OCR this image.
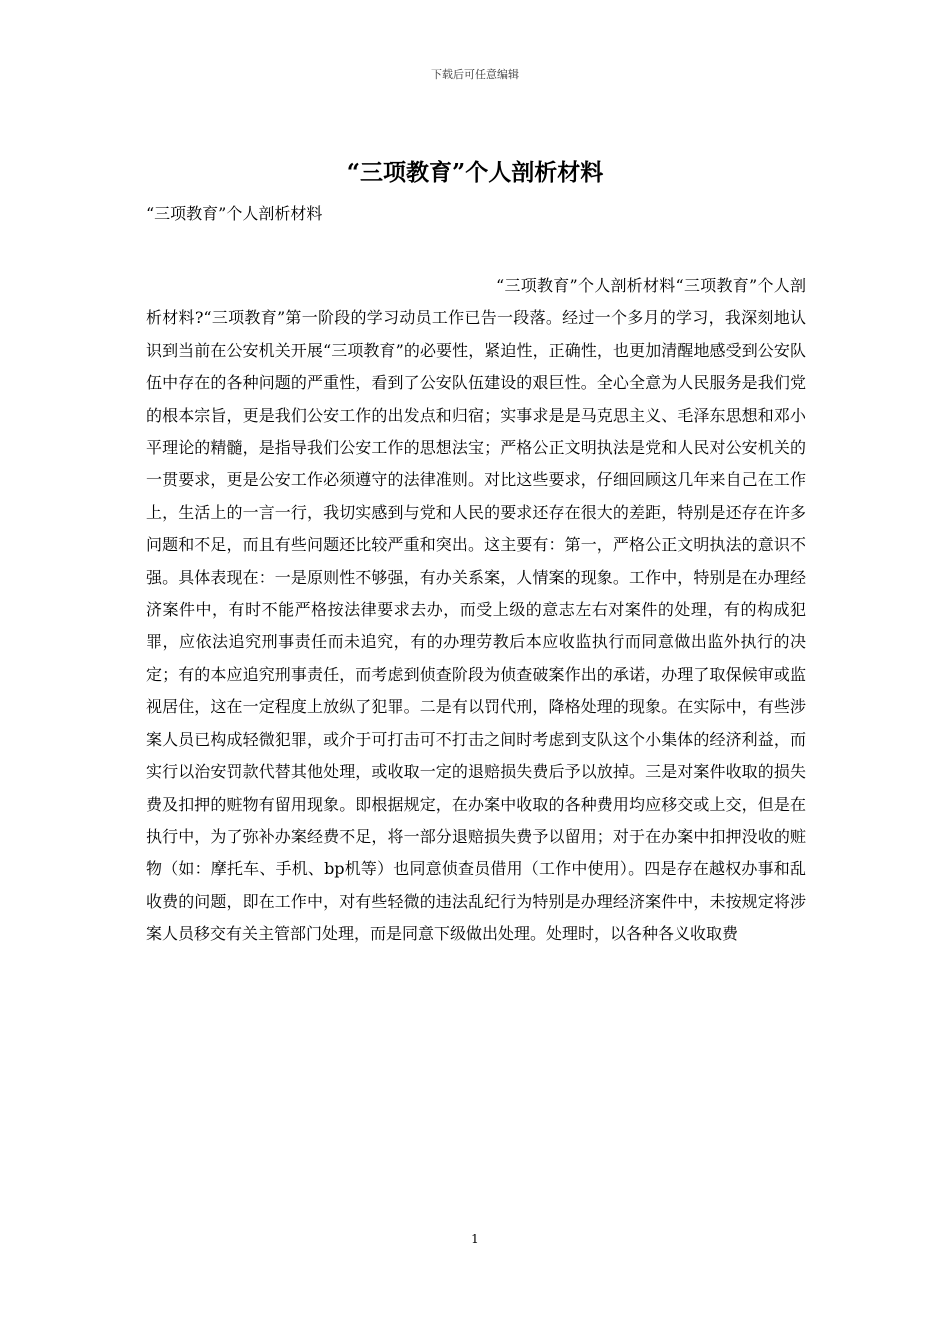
下载后可任意编辑
“三项教育”个人剖析材料

“三项教育”个人剖析材料

“三项教育”个人剖析材料“三项教育”个人剖析材料?“三项教育”第一阶段的学习动员工作已告一段落。经过一个多月的学习，我深刻地认识到当前在公安机关开展“三项教育”的必要性，紧迫性，正确性，也更加清醒地感受到公安队伍中存在的各种问题的严重性，看到了公安队伍建设的艰巨性。全心全意为人民服务是我们党的根本宗旨，更是我们公安工作的出发点和归宿；实事求是是马克思主义、毛泽东思想和邓小平理论的精髓，是指导我们公安工作的思想法宝；严格公正文明执法是党和人民对公安机关的一贯要求，更是公安工作必须遵守的法律准则。对比这些要求，仔细回顾这几年来自己在工作上，生活上的一言一行，我切实感到与党和人民的要求还存在很大的差距，特别是还存在许多问题和不足，而且有些问题还比较严重和突出。这主要有：第一，严格公正文明执法的意识不强。具体表现在：一是原则性不够强，有办关系案，人情案的现象。工作中，特别是在办理经济案件中，有时不能严格按法律要求去办，而受上级的意志左右对案件的处理，有的构成犯罪，应依法追究刑事责任而未追究，有的办理劳教后本应收监执行而同意做出监外执行的决定；有的本应追究刑事责任，而考虑到侦查阶段为侦查破案作出的承诺，办理了取保候审或监视居住，这在一定程度上放纵了犯罪。二是有以罚代刑，降格处理的现象。在实际中，有些涉案人员已构成轻微犯罪，或介于可打击可不打击之间时考虑到支队这个小集体的经济利益，而实行以治安罚款代替其他处理，或收取一定的退赔损失费后予以放掉。三是对案件收取的损失费及扣押的赃物有留用现象。即根据规定，在办案中收取的各种费用均应移交或上交，但是在执行中，为了弥补办案经费不足，将一部分退赔损失费予以留用；对于在办案中扣押没收的赃物（如：摩托车、手机、bp机等）也同意侦查员借用（工作中使用）。四是存在越权办事和乱收费的问题，即在工作中，对有些轻微的违法乱纪行为特别是办理经济案件中，未按规定将涉案人员移交有关主管部门处理，而是同意下级做出处理。处理时，以各种各义收取费

1
